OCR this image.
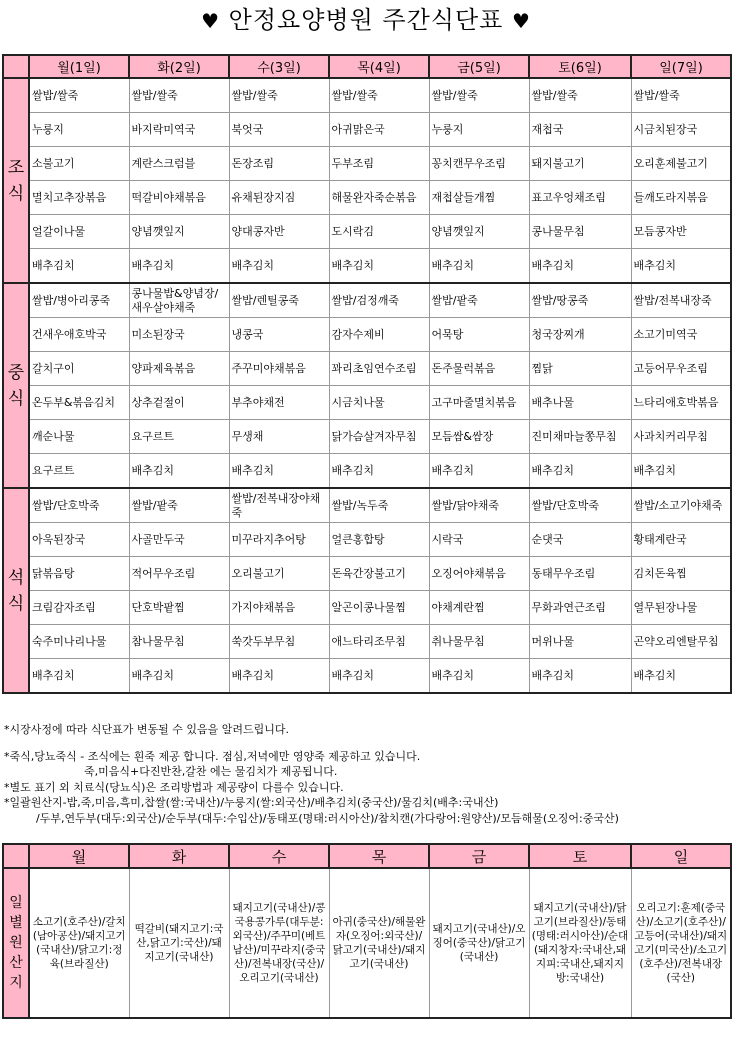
♥ 안정요양병원 주간식단표 ♥
	월(1일)	화(2일)	수(3일)	목(4일)	금(5일)	토(6일)	일(7일)
조
식	쌀밥/쌀죽	쌀밥/쌀죽	쌀밥/쌀죽	쌀밥/쌀죽	쌀밥/쌀죽	쌀밥/쌀죽	쌀밥/쌀죽
	누룽지	바지락미역국	북엇국	아귀맑은국	누룽지	재첩국	시금치된장국
	소불고기	계란스크럼블	돈장조림	두부조림	꽁치캔무우조림	돼지불고기	오리훈제불고기
	멸치고추장볶음	떡갈비야채볶음	유채된장지짐	해물완자죽순볶음	재첩살들개찜	표고우엉채조림	들깨도라지볶음
	얼갈이나물	양념깻잎지	양대콩자반	도시락김	양념깻잎지	콩나물무침	모듬콩자반
	배추김치	배추김치	배추김치	배추김치	배추김치	배추김치	배추김치
중
식	쌀밥/병아리콩죽	콩나물밥&양념장/새우살야채죽	쌀밥/렌틸콩죽	쌀밥/검정깨죽	쌀밥/팥죽	쌀밥/땅콩죽	쌀밥/전복내장죽
	건새우애호박국	미소된장국	냉콩국	감자수제비	어묵탕	청국장찌개	소고기미역국
	갈치구이	양파제육볶음	주꾸미야채볶음	꽈리초임연수조림	돈주물럭볶음	찜닭	고등어무우조림
	온두부&볶음김치	상추겉절이	부추야채전	시금치나물	고구마줄멸치볶음	배추나물	느타리애호박볶음
	깨순나물	요구르트	무생채	닭가슴살겨자무침	모듬쌈&쌈장	진미채마늘쫑무침	사과치커리무침
	요구르트	배추김치	배추김치	배추김치	배추김치	배추김치	배추김치
석
식	쌀밥/단호박죽	쌀밥/팥죽	쌀밥/전복내장야채죽	쌀밥/녹두죽	쌀밥/닭야채죽	쌀밥/단호박죽	쌀밥/소고기야채죽
	아욱된장국	사골만두국	미꾸라지추어탕	얼큰홍합탕	시락국	순댓국	황태계란국
	닭볶음탕	적어무우조림	오리불고기	돈육간장불고기	오징어야채볶음	동태무우조림	김치돈육찜
	크림감자조림	단호박팥찜	가지야채볶음	알곤이콩나물찜	야채계란찜	무화과연근조림	열무된장나물
	숙주미나리나물	참나물무침	쑥갓두부무침	애느타리조무침	취나물무침	머위나물	곤약오리엔탈무침
	배추김치	배추김치	배추김치	배추김치	배추김치	배추김치	배추김치
*시장사정에 따라 식단표가 변동될 수 있음을 알려드립니다.
*죽식,당뇨죽식 - 조식에는 흰죽 제공 합니다. 점심,저녁에만 영양죽 제공하고 있습니다.
죽,미음식+다진반찬,갈찬 에는 물김치가 제공됩니다.
*별도 표기 외 치료식(당뇨식)은 조리방법과 제공량이 다를수 있습니다.
*일괄원산지-밥,죽,미음,흑미,찹쌀(쌀:국내산)/누룽지(쌀:외국산)/배추김치(중국산)/물김치(배추:국내산)
/두부,연두부(대두:외국산)/순두부(대두:수입산)/동태포(명태:러시아산)/참치캔(가다랑어:원양산)/모듬해물(오징어:중국산)
	월	화	수	목	금	토	일
일
별
원
산
지	소고기(호주산)/갈치(남아공산)/돼지고기(국내산)/닭고기:정육(브라질산)	떡갈비(돼지고기:국산,닭고기:국산)/돼지고기(국내산)	돼지고기(국내산)/콩국용콩가루(대두분:외국산)/주꾸미(베트남산)/미꾸라지(중국산)/전복내장(국산)/오리고기(국내산)	아귀(중국산)/해물완자(오징어:외국산)/닭고기(국내산)/돼지고기(국내산)	돼지고기(국내산)/오징어(중국산)/닭고기(국내산)	돼지고기(국내산)/닭고기(브라질산)/동태(명태:러시아산)/순대(돼지창자:국내산,돼지피:국내산,돼지지방:국내산)	오리고기:훈제(중국산)/소고기(호주산)/고등어(국내산)/돼지고기(미국산)/소고기(호주산)/전복내장(국산)
